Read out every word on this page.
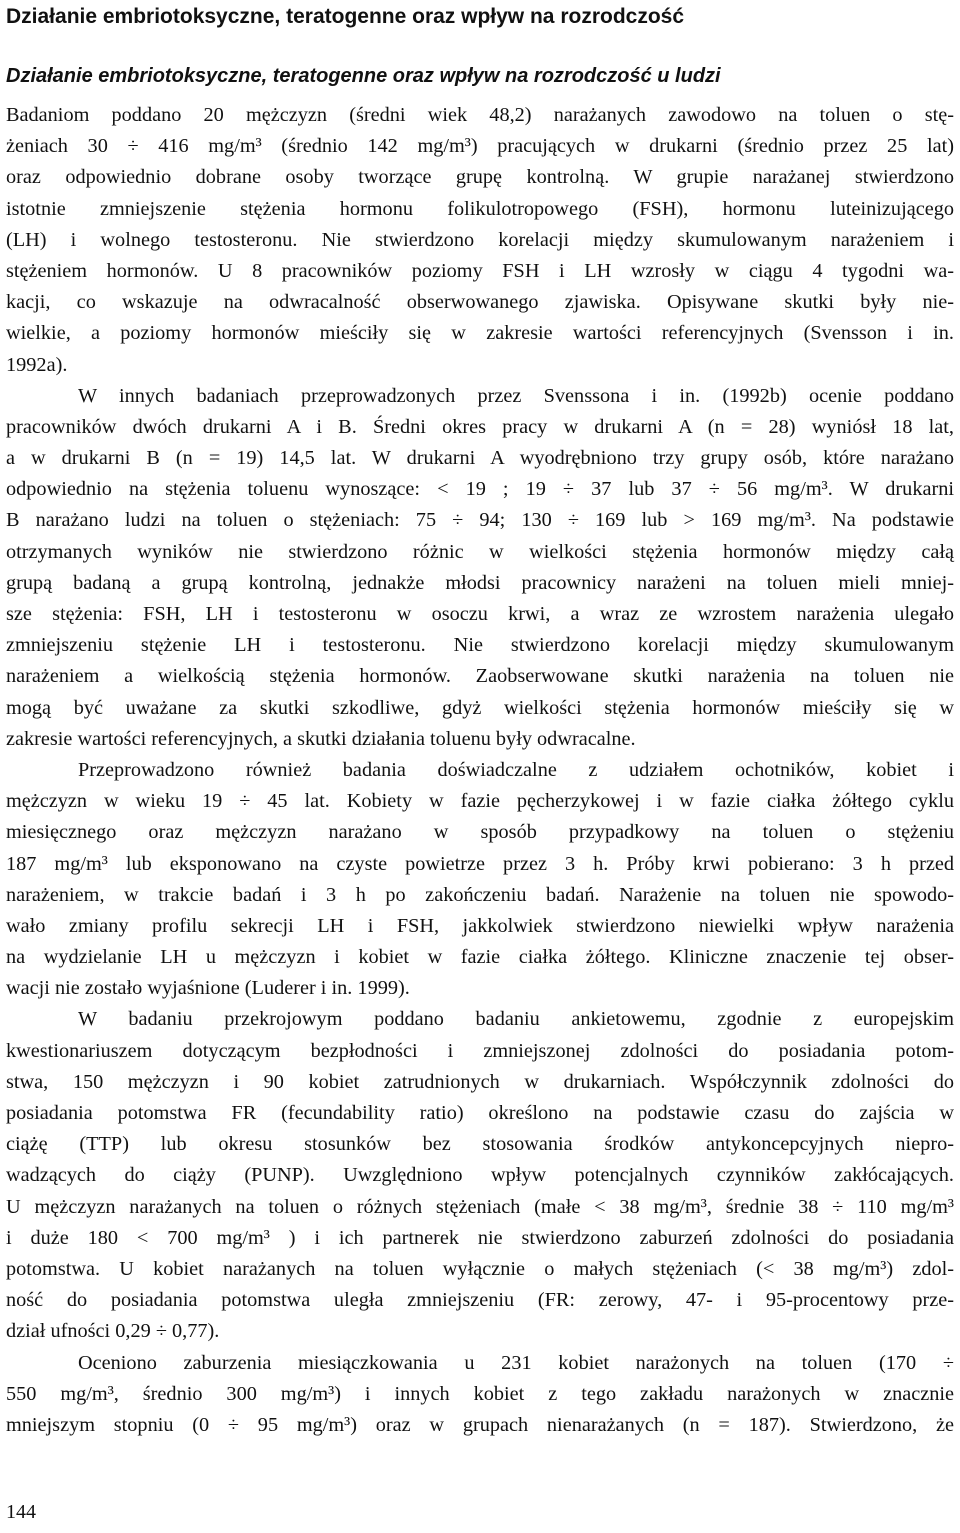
Działanie embriotoksyczne, teratogenne oraz wpływ na rozrodczość
Działanie embriotoksyczne, teratogenne oraz wpływ na rozrodczość u ludzi
Badaniom poddano 20 mężczyzn (średni wiek 48,2) narażanych zawodowo na toluen o stę-
żeniach 30 ÷ 416 mg/m³ (średnio 142 mg/m³) pracujących w drukarni (średnio przez 25 lat)
oraz odpowiednio dobrane osoby tworzące grupę kontrolną. W grupie narażanej stwierdzono
istotnie zmniejszenie stężenia hormonu folikulotropowego (FSH), hormonu luteinizującego
(LH) i wolnego testosteronu. Nie stwierdzono korelacji między skumulowanym narażeniem i
stężeniem hormonów. U 8 pracowników poziomy FSH i LH wzrosły w ciągu 4 tygodni wa-
kacji, co wskazuje na odwracalność obserwowanego zjawiska. Opisywane skutki były nie-
wielkie, a poziomy hormonów mieściły się w zakresie wartości referencyjnych (Svensson i in.
1992a).
W innych badaniach przeprowadzonych przez Svenssona i in. (1992b) ocenie poddano
pracowników dwóch drukarni A i B. Średni okres pracy w drukarni A (n = 28) wyniósł 18 lat,
a w drukarni B (n = 19) 14,5 lat. W drukarni A wyodrębniono trzy grupy osób, które narażano
odpowiednio na stężenia toluenu wynoszące: < 19 ; 19 ÷ 37 lub 37 ÷ 56 mg/m³. W drukarni
B narażano ludzi na toluen o stężeniach: 75 ÷ 94; 130 ÷ 169 lub > 169 mg/m³. Na podstawie
otrzymanych wyników nie stwierdzono różnic w wielkości stężenia hormonów między całą
grupą badaną a grupą kontrolną, jednakże młodsi pracownicy narażeni na toluen mieli mniej-
sze stężenia: FSH, LH i testosteronu w osoczu krwi, a wraz ze wzrostem narażenia ulegało
zmniejszeniu stężenie LH i testosteronu. Nie stwierdzono korelacji między skumulowanym
narażeniem a wielkością stężenia hormonów. Zaobserwowane skutki narażenia na toluen nie
mogą być uważane za skutki szkodliwe, gdyż wielkości stężenia hormonów mieściły się w
zakresie wartości referencyjnych, a skutki działania toluenu były odwracalne.
Przeprowadzono również badania doświadczalne z udziałem ochotników, kobiet i
mężczyzn w wieku 19 ÷ 45 lat. Kobiety w fazie pęcherzykowej i w fazie ciałka żółtego cyklu
miesięcznego oraz mężczyzn narażano w sposób przypadkowy na toluen o stężeniu
187 mg/m³ lub eksponowano na czyste powietrze przez 3 h. Próby krwi pobierano: 3 h przed
narażeniem, w trakcie badań i 3 h po zakończeniu badań. Narażenie na toluen nie spowodo-
wało zmiany profilu sekrecji LH i FSH, jakkolwiek stwierdzono niewielki wpływ narażenia
na wydzielanie LH u mężczyzn i kobiet w fazie ciałka żółtego. Kliniczne znaczenie tej obser-
wacji nie zostało wyjaśnione (Luderer i in. 1999).
W badaniu przekrojowym poddano badaniu ankietowemu, zgodnie z europejskim
kwestionariuszem dotyczącym bezpłodności i zmniejszonej zdolności do posiadania potom-
stwa, 150 mężczyzn i 90 kobiet zatrudnionych w drukarniach. Współczynnik zdolności do
posiadania potomstwa FR (fecundability ratio) określono na podstawie czasu do zajścia w
ciążę (TTP) lub okresu stosunków bez stosowania środków antykoncepcyjnych niepro-
wadzących do ciąży (PUNP). Uwzględniono wpływ potencjalnych czynników zakłócających.
U mężczyzn narażanych na toluen o różnych stężeniach (małe < 38 mg/m³, średnie 38 ÷ 110 mg/m³
i duże 180 < 700 mg/m³ ) i ich partnerek nie stwierdzono zaburzeń zdolności do posiadania
potomstwa. U kobiet narażanych na toluen wyłącznie o małych stężeniach (< 38 mg/m³) zdol-
ność do posiadania potomstwa uległa zmniejszeniu (FR: zerowy, 47- i 95-procentowy prze-
dział ufności 0,29 ÷ 0,77).
Oceniono zaburzenia miesiączkowania u 231 kobiet narażonych na toluen (170 ÷
550 mg/m³, średnio 300 mg/m³) i innych kobiet z tego zakładu narażonych w znacznie
mniejszym stopniu (0 ÷ 95 mg/m³) oraz w grupach nienarażanych (n = 187). Stwierdzono, że
144
